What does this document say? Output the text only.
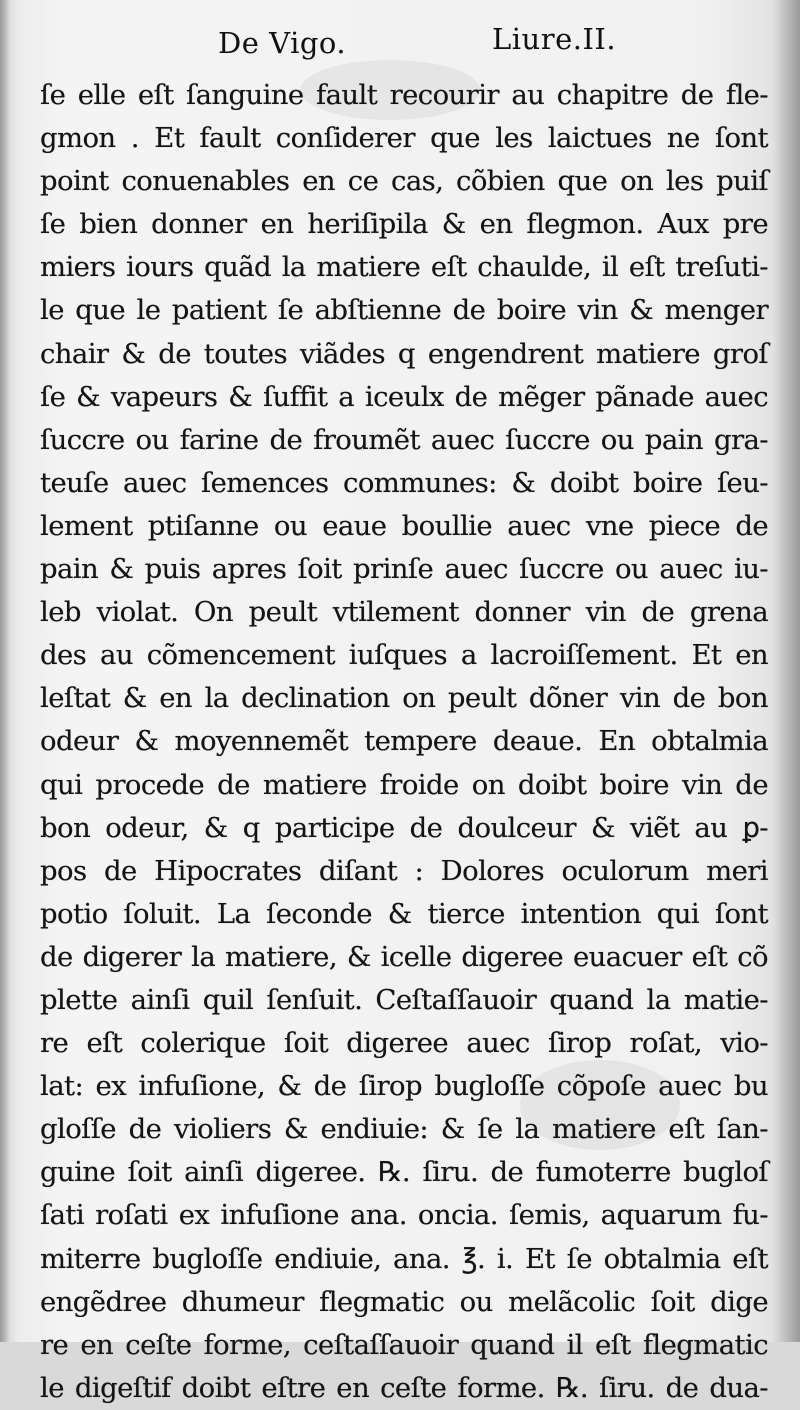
De Vigo.	Liure.II.
ſe elle eſt ſanguine fault recourir au chapitre de fle-
gmon . Et fault conſiderer que les laictues ne ſont
point conuenables en ce cas, cõbien que on les puiſ
ſe bien donner en heriſipila & en flegmon. Aux pre
miers iours quãd la matiere eſt chaulde, il eſt treſuti-
le que le patient ſe abſtienne de boire vin & menger
chair & de toutes viãdes q engendrent matiere groſ
ſe & vapeurs & ſuffit a iceulx de mẽger pãnade auec
ſuccre ou farine de froumẽt auec ſuccre ou pain gra-
teuſe auec ſemences communes: & doibt boire ſeu-
lement ptiſanne ou eaue boullie auec vne piece de
pain & puis apres ſoit prinſe auec ſuccre ou auec iu-
leb violat. On peult vtilement donner vin de grena
des au cõmencement iuſques a lacroiſſement. Et en
leſtat & en la declination on peult dõner vin de bon
odeur & moyennemẽt tempere deaue. En obtalmia
qui procede de matiere froide on doibt boire vin de
bon odeur, & q participe de doulceur & viẽt au ꝑ-
pos de Hipocrates diſant : Dolores oculorum meri
potio ſoluit. La ſeconde & tierce intention qui ſont
de digerer la matiere, & icelle digeree euacuer eſt cõ
plette ainſi quil ſenſuit. Ceſtaſſauoir quand la matie-
re eſt colerique ſoit digeree auec ſirop roſat, vio-
lat: ex infuſione, & de ſirop bugloſſe cõpoſe auec bu
gloſſe de violiers & endiuie: & ſe la matiere eſt ſan-
guine ſoit ainſi digeree. ℞. ſiru. de fumoterre bugloſ
ſati roſati ex infuſione ana. oncia. ſemis, aquarum fu-
miterre bugloſſe endiuie, ana. ℥. i. Et ſe obtalmia eſt
engẽdree dhumeur flegmatic ou melãcolic ſoit dige
re en ceſte forme, ceſtaſſauoir quand il eſt flegmatic
le digeſtif doibt eſtre en ceſte forme. ℞. ſiru. de dua-
